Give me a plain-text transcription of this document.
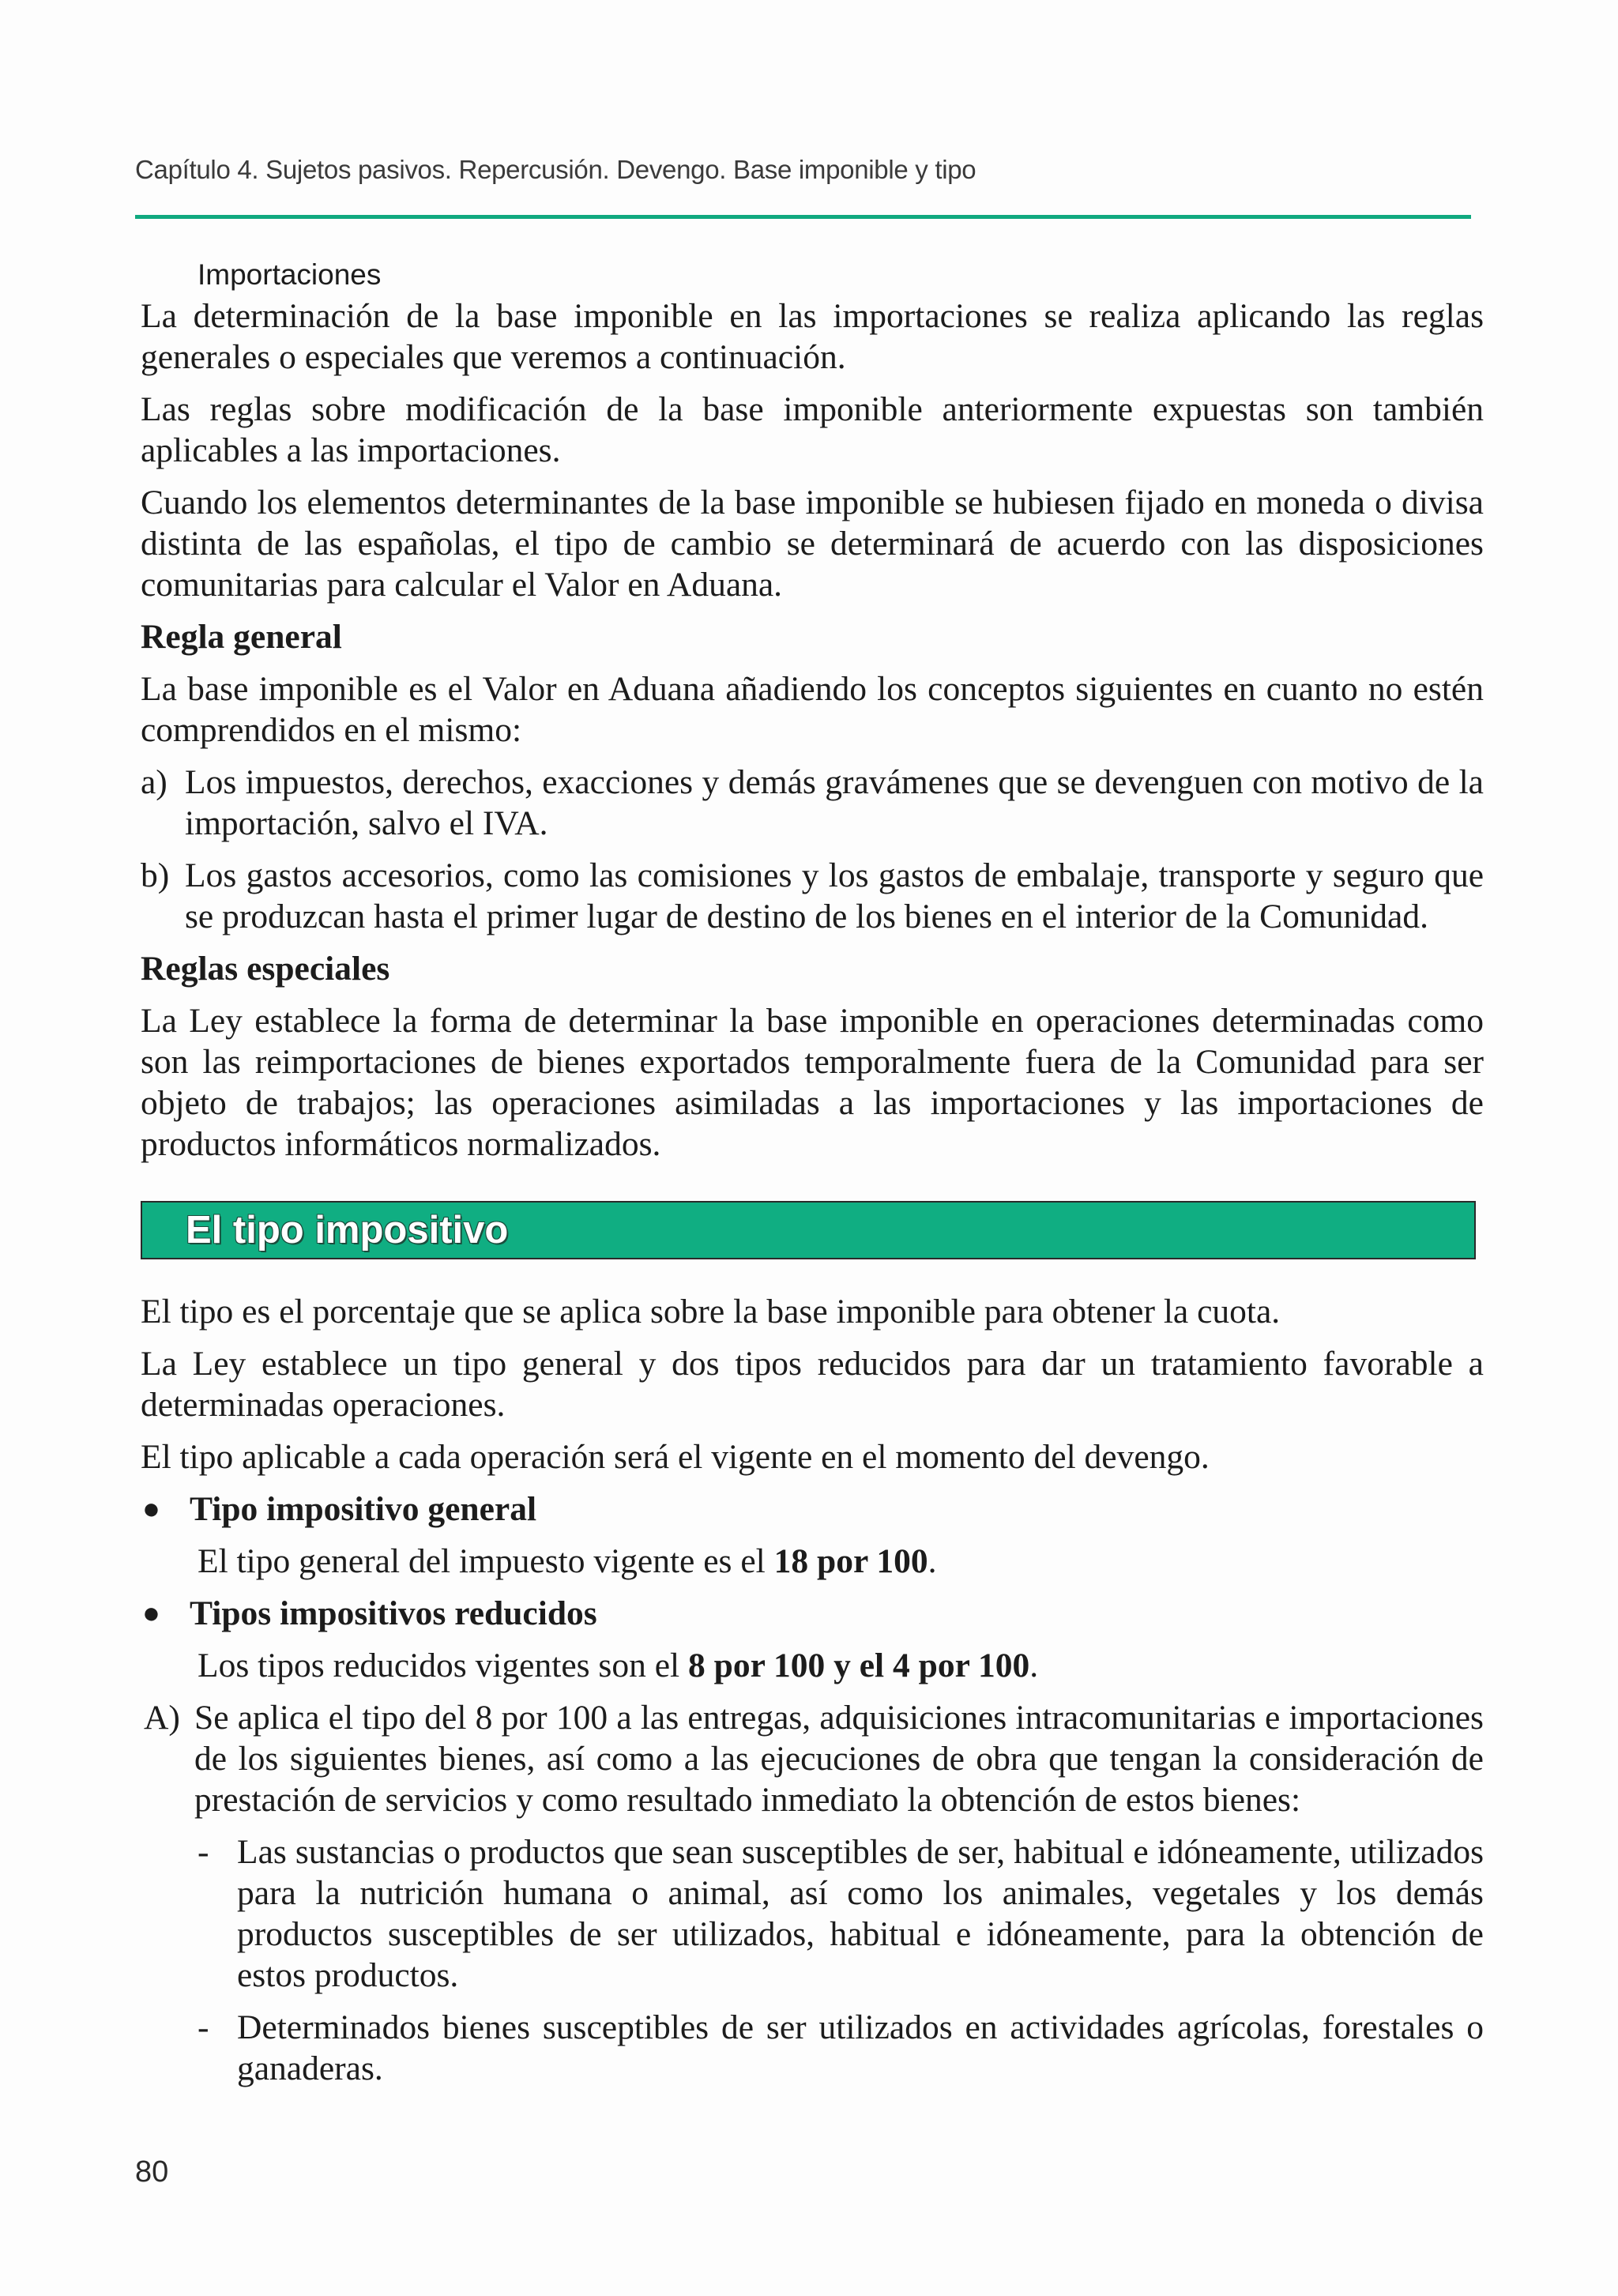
Capítulo 4. Sujetos pasivos. Repercusión. Devengo. Base imponible y tipo
Importaciones

La determinación de la base imponible en las importaciones se realiza aplicando las reglas generales o especiales que veremos a continuación.

Las reglas sobre modificación de la base imponible anteriormente expuestas son también aplicables a las importaciones.

Cuando los elementos determinantes de la base imponible se hubiesen fijado en moneda o divisa distinta de las españolas, el tipo de cambio se determinará de acuerdo con las disposiciones comunitarias para calcular el Valor en Aduana.

Regla general

La base imponible es el Valor en Aduana añadiendo los conceptos siguientes en cuanto no estén comprendidos en el mismo:

a) Los impuestos, derechos, exacciones y demás gravámenes que se devenguen con motivo de la importación, salvo el IVA.
b) Los gastos accesorios, como las comisiones y los gastos de embalaje, transporte y seguro que se produzcan hasta el primer lugar de destino de los bienes en el interior de la Comunidad.
Reglas especiales

La Ley establece la forma de determinar la base imponible en operaciones determinadas como son las reimportaciones de bienes exportados temporalmente fuera de la Comunidad para ser objeto de trabajos; las operaciones asimiladas a las importaciones y las importaciones de productos informáticos normalizados.

El tipo impositivo

El tipo es el porcentaje que se aplica sobre la base imponible para obtener la cuota.

La Ley establece un tipo general y dos tipos reducidos para dar un tratamiento favorable a determinadas operaciones.

El tipo aplicable a cada operación será el vigente en el momento del devengo.

● Tipo impositivo general
El tipo general del impuesto vigente es el 18 por 100.
● Tipos impositivos reducidos
Los tipos reducidos vigentes son el 8 por 100 y el 4 por 100.
A) Se aplica el tipo del 8 por 100 a las entregas, adquisiciones intracomunitarias e importaciones de los siguientes bienes, así como a las ejecuciones de obra que tengan la consideración de prestación de servicios y como resultado inmediato la obtención de estos bienes:
- Las sustancias o productos que sean susceptibles de ser, habitual e idóneamente, utilizados para la nutrición humana o animal, así como los animales, vegetales y los demás productos susceptibles de ser utilizados, habitual e idóneamente, para la obtención de estos productos.
- Determinados bienes susceptibles de ser utilizados en actividades agrícolas, forestales o ganaderas.
80
